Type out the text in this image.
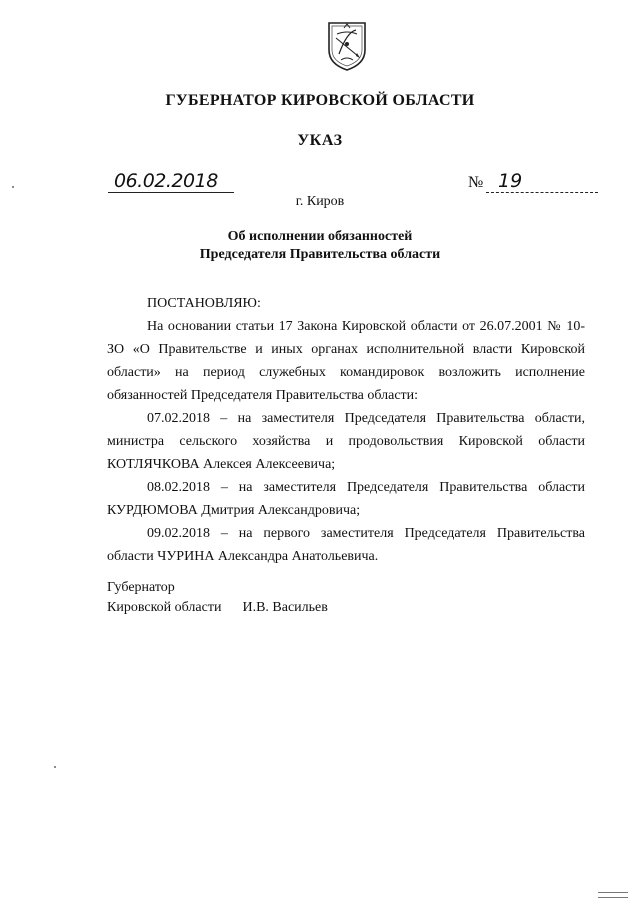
ГУБЕРНАТОР КИРОВСКОЙ ОБЛАСТИ
УКАЗ
06.02.2018	№ 19
г. Киров
Об исполнении обязанностей
Председателя Правительства области

ПОСТАНОВЛЯЮ:

На основании статьи 17 Закона Кировской области от 26.07.2001 № 10-ЗО «О Правительстве и иных органах исполнительной власти Кировской области» на период служебных командировок возложить исполнение обязанностей Председателя Правительства области:

07.02.2018 – на заместителя Председателя Правительства области, министра сельского хозяйства и продовольствия Кировской области КОТЛЯЧКОВА Алексея Алексеевича;

08.02.2018 – на заместителя Председателя Правительства области КУРДЮМОВА Дмитрия Александровича;

09.02.2018 – на первого заместителя Председателя Правительства области ЧУРИНА Александра Анатольевича.

Губернатор
Кировской области И.В. Васильев
